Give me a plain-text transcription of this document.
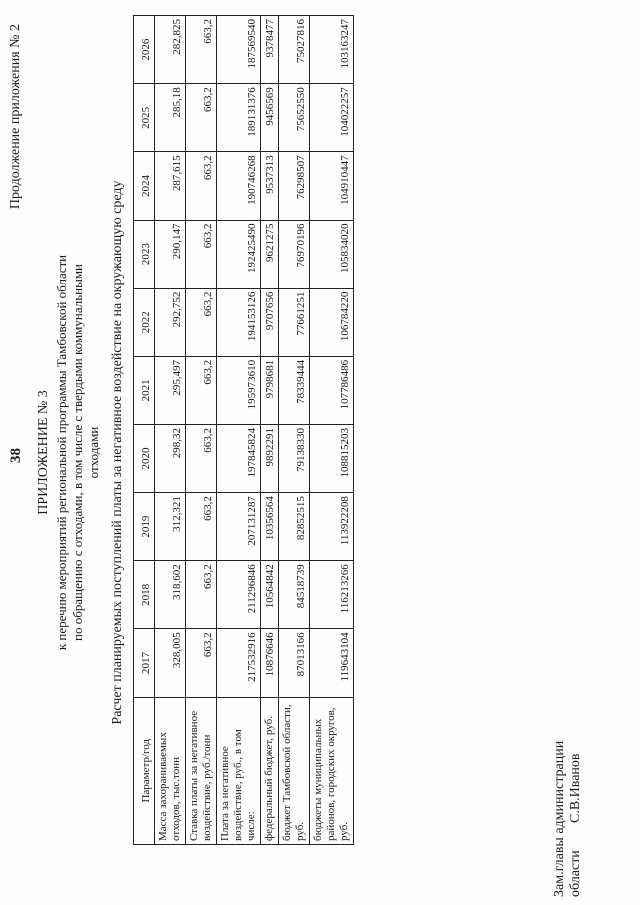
38
Продолжение приложения № 2
ПРИЛОЖЕНИЕ № 3 к перечню мероприятий региональной программы Тамбовской области по обращению с отходами, в том числе с твердыми коммунальными отходами Расчет планируемых поступлений платы за негативное воздействие на окружающую среду
Параметр/год	2017	2018	2019	2020	2021	2022	2023	2024	2025	2026
Масса захораниваемых отходов, тыс.тонн	328,005	318,602	312,321	298,32	295,497	292,752	290,147	287,615	285,18	282,825
Ставка платы за негативное воздействие, руб./тонн	663,2	663,2	663,2	663,2	663,2	663,2	663,2	663,2	663,2	663,2
Плата за негативное воздействие, руб., в том числе:	217532916	211296846	207131287	197845824	195973610	194153126	192425490	190746268	189131376	187569540
федеральный бюджет, руб.	10876646	10564842	10356564	9892291	9798681	9707656	9621275	9537313	9456569	9378477
бюджет Тамбовской области, руб.	87013166	84518739	82852515	79138330	78339444	77661251	76970196	76298507	75652550	75027816
бюджеты муниципальных районов, городских округов, руб.	119643104	116213266	113922208	108815203	107786486	106784220	105834020	104910447	104022257	103163247
Зам.главы администрации области
С.В.Иванов
